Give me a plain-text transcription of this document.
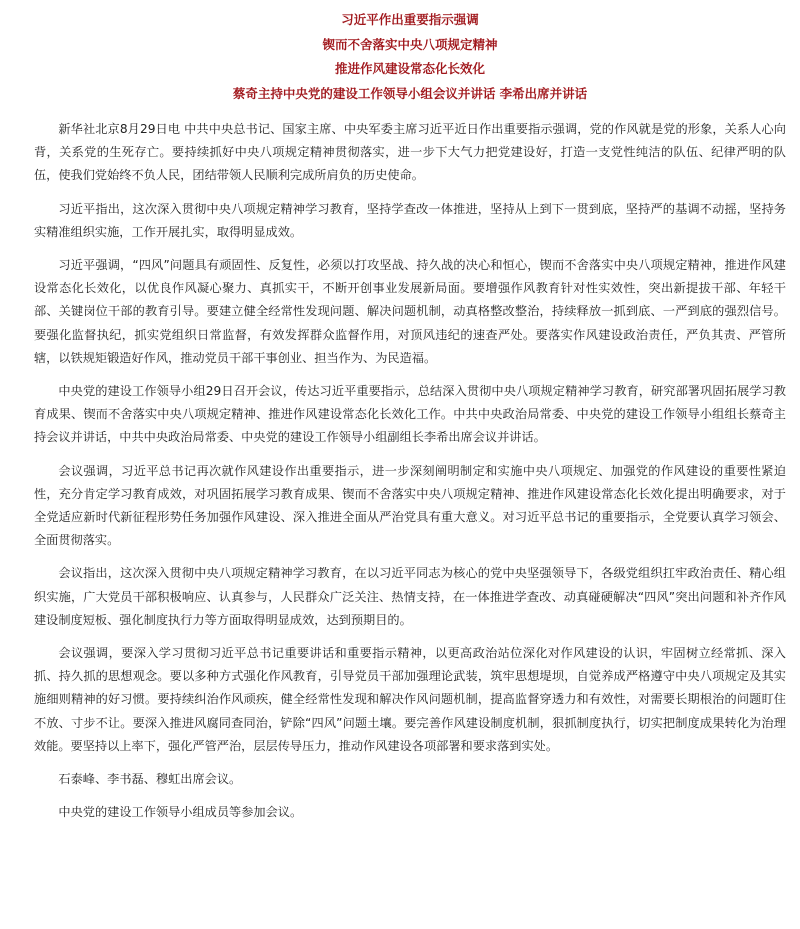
习近平作出重要指示强调

锲而不舍落实中央八项规定精神

推进作风建设常态化长效化

蔡奇主持中央党的建设工作领导小组会议并讲话 李希出席并讲话

新华社北京8月29日电 中共中央总书记、国家主席、中央军委主席习近平近日作出重要指示强调，党的作风就是党的形象，关系人心向背，关系党的生死存亡。要持续抓好中央八项规定精神贯彻落实，进一步下大气力把党建设好，打造一支党性纯洁的队伍、纪律严明的队伍，使我们党始终不负人民，团结带领人民顺利完成所肩负的历史使命。

习近平指出，这次深入贯彻中央八项规定精神学习教育，坚持学查改一体推进，坚持从上到下一贯到底，坚持严的基调不动摇，坚持务实精准组织实施，工作开展扎实，取得明显成效。

习近平强调，“四风”问题具有顽固性、反复性，必须以打攻坚战、持久战的决心和恒心，锲而不舍落实中央八项规定精神，推进作风建设常态化长效化，以优良作风凝心聚力、真抓实干，不断开创事业发展新局面。要增强作风教育针对性实效性，突出新提拔干部、年轻干部、关键岗位干部的教育引导。要建立健全经常性发现问题、解决问题机制，动真格整改整治，持续释放一抓到底、一严到底的强烈信号。要强化监督执纪，抓实党组织日常监督，有效发挥群众监督作用，对顶风违纪的速查严处。要落实作风建设政治责任，严负其责、严管所辖，以铁规矩锻造好作风，推动党员干部干事创业、担当作为、为民造福。

中央党的建设工作领导小组29日召开会议，传达习近平重要指示，总结深入贯彻中央八项规定精神学习教育，研究部署巩固拓展学习教育成果、锲而不舍落实中央八项规定精神、推进作风建设常态化长效化工作。中共中央政治局常委、中央党的建设工作领导小组组长蔡奇主持会议并讲话，中共中央政治局常委、中央党的建设工作领导小组副组长李希出席会议并讲话。

会议强调，习近平总书记再次就作风建设作出重要指示，进一步深刻阐明制定和实施中央八项规定、加强党的作风建设的重要性紧迫性，充分肯定学习教育成效，对巩固拓展学习教育成果、锲而不舍落实中央八项规定精神、推进作风建设常态化长效化提出明确要求，对于全党适应新时代新征程形势任务加强作风建设、深入推进全面从严治党具有重大意义。对习近平总书记的重要指示，全党要认真学习领会、全面贯彻落实。

会议指出，这次深入贯彻中央八项规定精神学习教育，在以习近平同志为核心的党中央坚强领导下，各级党组织扛牢政治责任、精心组织实施，广大党员干部积极响应、认真参与，人民群众广泛关注、热情支持，在一体推进学查改、动真碰硬解决“四风”突出问题和补齐作风建设制度短板、强化制度执行力等方面取得明显成效，达到预期目的。

会议强调，要深入学习贯彻习近平总书记重要讲话和重要指示精神，以更高政治站位深化对作风建设的认识，牢固树立经常抓、深入抓、持久抓的思想观念。要以多种方式强化作风教育，引导党员干部加强理论武装，筑牢思想堤坝，自觉养成严格遵守中央八项规定及其实施细则精神的好习惯。要持续纠治作风顽疾，健全经常性发现和解决作风问题机制，提高监督穿透力和有效性，对需要长期根治的问题盯住不放、寸步不让。要深入推进风腐同查同治，铲除“四风”问题土壤。要完善作风建设制度机制，狠抓制度执行，切实把制度成果转化为治理效能。要坚持以上率下，强化严管严治，层层传导压力，推动作风建设各项部署和要求落到实处。

石泰峰、李书磊、穆虹出席会议。

中央党的建设工作领导小组成员等参加会议。
